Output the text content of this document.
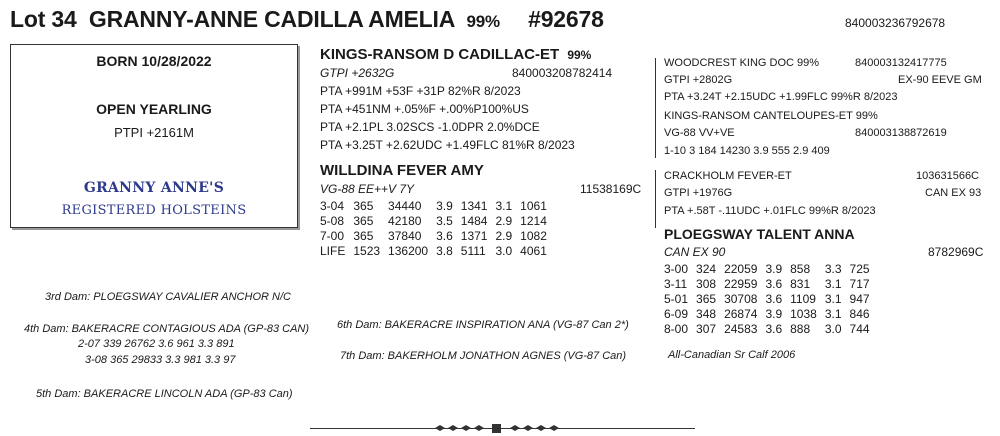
Lot 34 GRANNY-ANNE CADILLA AMELIA 99% #92678	840003236792678
BORN 10/28/2022
OPEN YEARLING
PTPI +2161M
GRANNY ANNE'S
REGISTERED HOLSTEINS
KINGS-RANSOM D CADILLAC-ET 99%
GTPI +2632G	840003208782414
PTA +991M +53F +31P 82%R 8/2023
PTA +451NM +.05%F +.00%P100%US
PTA +2.1PL 3.02SCS -1.0DPR 2.0%DCE
PTA +3.25T +2.62UDC +1.49FLC 81%R 8/2023
WILLDINA FEVER AMY
VG-88 EE++V 7Y	11538169C
3-04	365	34440	3.9	1341	3.1	1061
5-08	365	42180	3.5	1484	2.9	1214
7-00	365	37840	3.6	1371	2.9	1082
LIFE	1523	136200	3.8	5111	3.0	4061
WOODCREST KING DOC 99%	840003132417775
GTPI +2802G	EX-90 EEVE GM
PTA +3.24T +2.15UDC +1.99FLC 99%R 8/2023
KINGS-RANSOM CANTELOUPES-ET 99%
VG-88 VV+VE	840003138872619
1-10 3 184 14230 3.9 555 2.9 409
CRACKHOLM FEVER-ET	103631566C
GTPI +1976G	CAN EX 93
PTA +.58T -.11UDC +.01FLC 99%R 8/2023
PLOEGSWAY TALENT ANNA
CAN EX 90	8782969C
3-00	324	22059	3.9	858	3.3	725
3-11	308	22959	3.6	831	3.1	717
5-01	365	30708	3.6	1109	3.1	947
6-09	348	26874	3.9	1038	3.1	846
8-00	307	24583	3.6	888	3.0	744
All-Canadian Sr Calf 2006
3rd Dam: PLOEGSWAY CAVALIER ANCHOR N/C
4th Dam: BAKERACRE CONTAGIOUS ADA (GP-83 CAN)
2-07 339 26762 3.6 961 3.3 891
3-08 365 29833 3.3 981 3.3 97
5th Dam: BAKERACRE LINCOLN ADA (GP-83 Can)
6th Dam: BAKERACRE INSPIRATION ANA (VG-87 Can 2*)
7th Dam: BAKERHOLM JONATHON AGNES (VG-87 Can)
